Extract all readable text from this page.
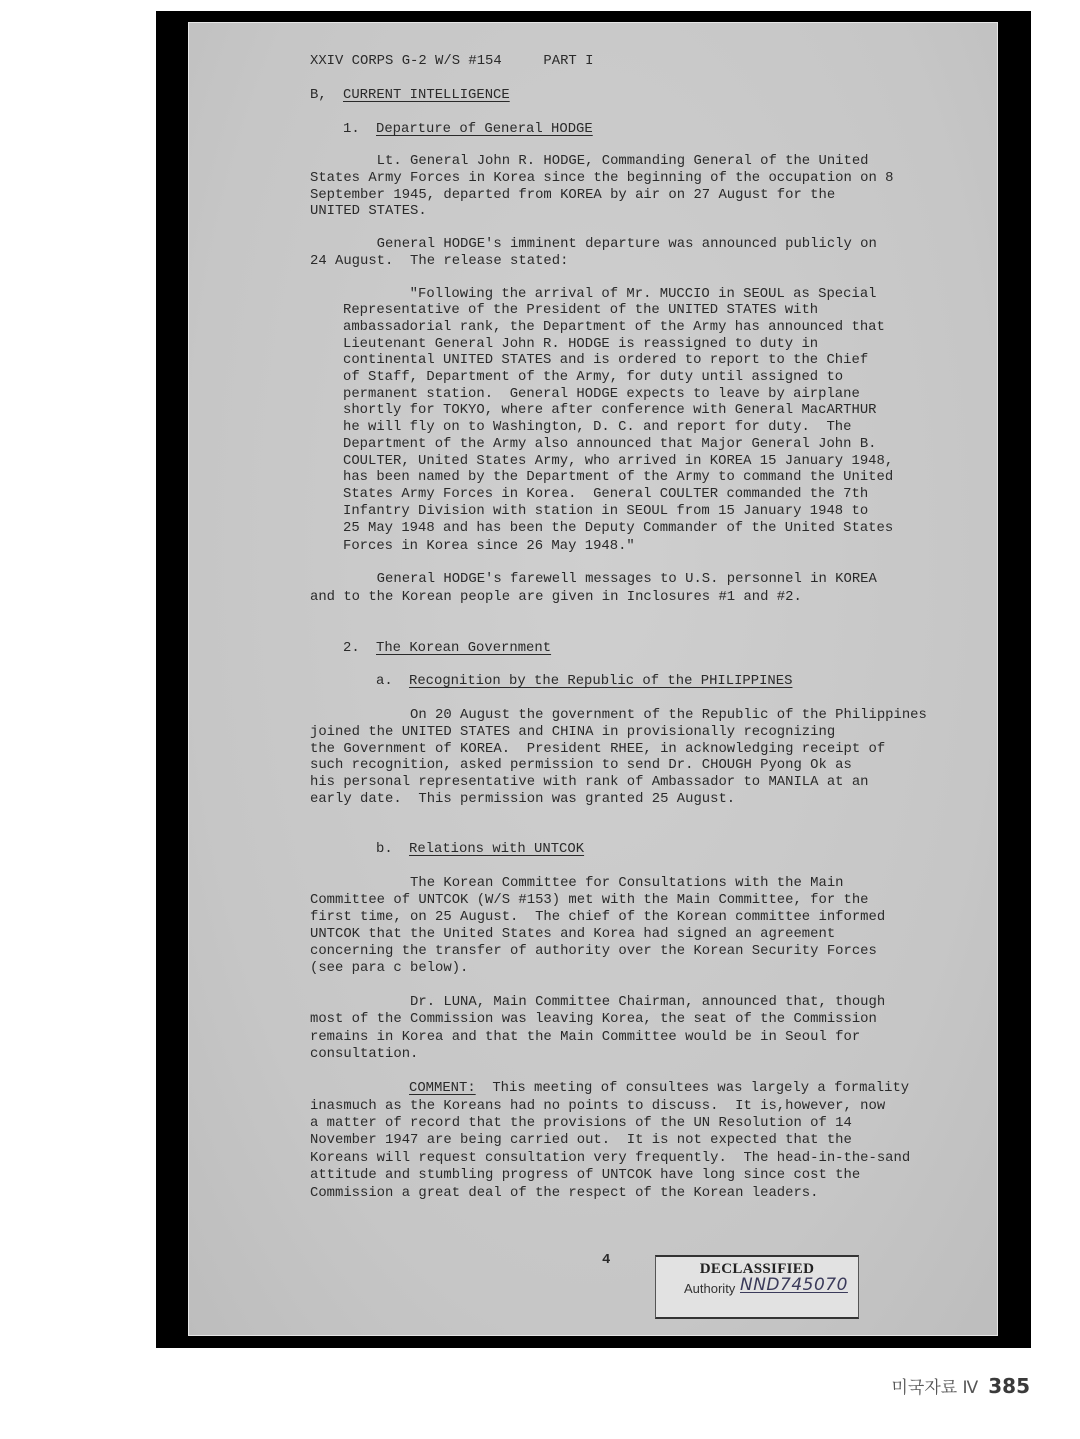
XXIV CORPS G-2 W/S #154     PART I
B, CURRENT INTELLIGENCE
1. Departure of General HODGE
Lt. General John R. HODGE, Commanding General of the United
States Army Forces in Korea since the beginning of the occupation on 8
September 1945, departed from KOREA by air on 27 August for the
UNITED STATES.
General HODGE's imminent departure was announced publicly on
24 August.  The release stated:
"Following the arrival of Mr. MUCCIO in SEOUL as Special
Representative of the President of the UNITED STATES with
ambassadorial rank, the Department of the Army has announced that
Lieutenant General John R. HODGE is reassigned to duty in
continental UNITED STATES and is ordered to report to the Chief
of Staff, Department of the Army, for duty until assigned to
permanent station.  General HODGE expects to leave by airplane
shortly for TOKYO, where after conference with General MacARTHUR
he will fly on to Washington, D. C. and report for duty.  The
Department of the Army also announced that Major General John B.
COULTER, United States Army, who arrived in KOREA 15 January 1948,
has been named by the Department of the Army to command the United
States Army Forces in Korea.  General COULTER commanded the 7th
Infantry Division with station in SEOUL from 15 January 1948 to
25 May 1948 and has been the Deputy Commander of the United States
Forces in Korea since 26 May 1948."
General HODGE's farewell messages to U.S. personnel in KOREA
and to the Korean people are given in Inclosures #1 and #2.
2. The Korean Government
a. Recognition by the Republic of the PHILIPPINES
On 20 August the government of the Republic of the Philippines
joined the UNITED STATES and CHINA in provisionally recognizing
the Government of KOREA.  President RHEE, in acknowledging receipt of
such recognition, asked permission to send Dr. CHOUGH Pyong Ok as
his personal representative with rank of Ambassador to MANILA at an
early date.  This permission was granted 25 August.
b. Relations with UNTCOK
The Korean Committee for Consultations with the Main
Committee of UNTCOK (W/S #153) met with the Main Committee, for the
first time, on 25 August.  The chief of the Korean committee informed
UNTCOK that the United States and Korea had signed an agreement
concerning the transfer of authority over the Korean Security Forces
(see para c below).
Dr. LUNA, Main Committee Chairman, announced that, though
most of the Commission was leaving Korea, the seat of the Commission
remains in Korea and that the Main Committee would be in Seoul for
consultation.
COMMENT: This meeting of consultees was largely a formality
inasmuch as the Koreans had no points to discuss.  It is,however, now
a matter of record that the provisions of the UN Resolution of 14
November 1947 are being carried out.  It is not expected that the
Koreans will request consultation very frequently.  The head-in-the-sand
attitude and stumbling progress of UNTCOK have long since cost the
Commission a great deal of the respect of the Korean leaders.
4
DECLASSIFIED
Authority NND745070
미국자료 Ⅳ 385
